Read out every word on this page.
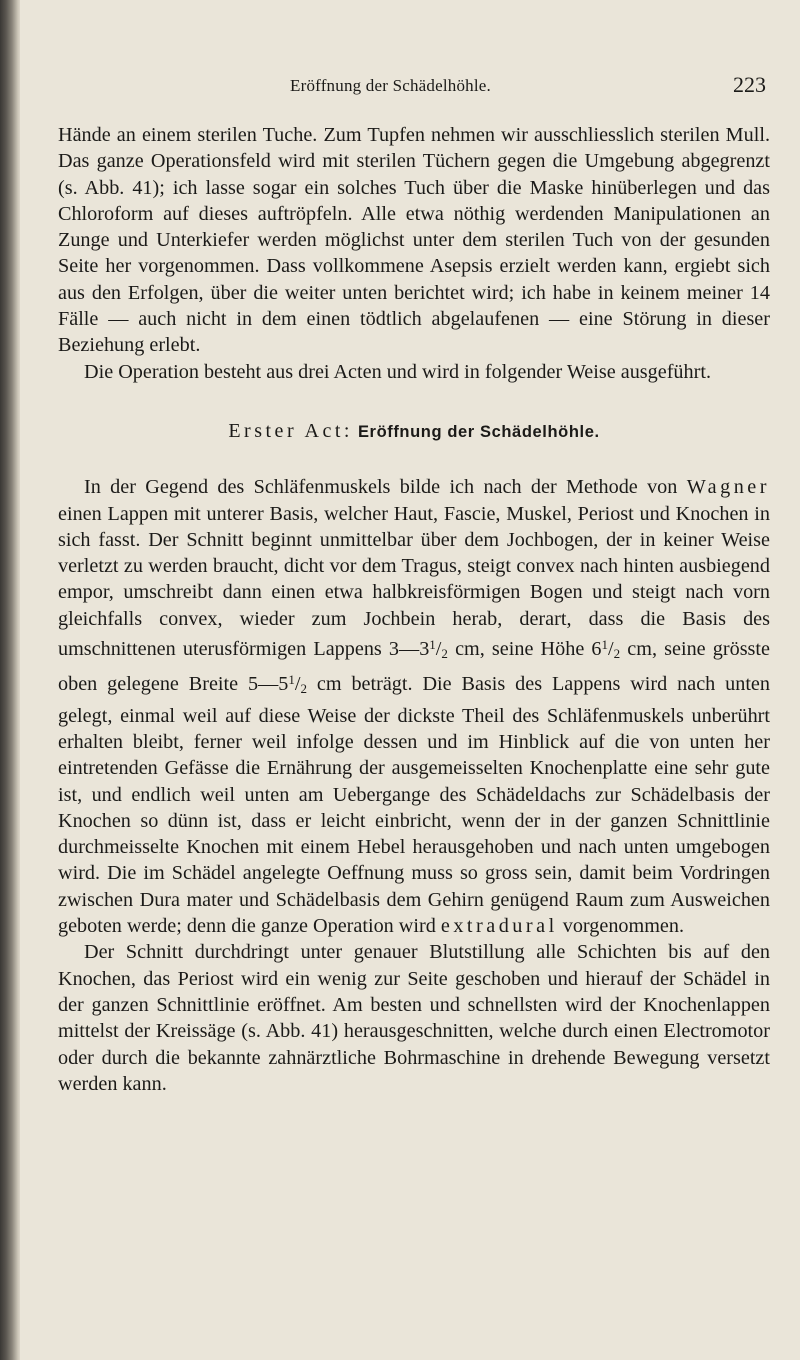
Eröffnung der Schädelhöhle.	223

Hände an einem sterilen Tuche. Zum Tupfen nehmen wir ausschliesslich sterilen Mull. Das ganze Operationsfeld wird mit sterilen Tüchern gegen die Umgebung abgegrenzt (s. Abb. 41); ich lasse sogar ein solches Tuch über die Maske hinüberlegen und das Chloroform auf dieses auftröpfeln. Alle etwa nöthig werdenden Manipulationen an Zunge und Unterkiefer werden möglichst unter dem sterilen Tuch von der gesunden Seite her vorgenommen. Dass vollkommene Asepsis erzielt werden kann, ergiebt sich aus den Erfolgen, über die weiter unten berichtet wird; ich habe in keinem meiner 14 Fälle — auch nicht in dem einen tödtlich abgelaufenen — eine Störung in dieser Beziehung erlebt.

Die Operation besteht aus drei Acten und wird in folgender Weise ausgeführt.

Erster Act: Eröffnung der Schädelhöhle.

In der Gegend des Schläfenmuskels bilde ich nach der Methode von Wagner einen Lappen mit unterer Basis, welcher Haut, Fascie, Muskel, Periost und Knochen in sich fasst. Der Schnitt beginnt unmittelbar über dem Jochbogen, der in keiner Weise verletzt zu werden braucht, dicht vor dem Tragus, steigt convex nach hinten ausbiegend empor, umschreibt dann einen etwa halbkreisförmigen Bogen und steigt nach vorn gleichfalls convex, wieder zum Jochbein herab, derart, dass die Basis des umschnittenen uterusförmigen Lappens $3—3^1/2$ cm, seine Höhe $6^1/2$ cm, seine grösste oben gelegene Breite $5—5^1/2$ cm beträgt. Die Basis des Lappens wird nach unten gelegt, einmal weil auf diese Weise der dickste Theil des Schläfenmuskels unberührt erhalten bleibt, ferner weil infolge dessen und im Hinblick auf die von unten her eintretenden Gefässe die Ernährung der ausgemeisselten Knochenplatte eine sehr gute ist, und endlich weil unten am Uebergange des Schädeldachs zur Schädelbasis der Knochen so dünn ist, dass er leicht einbricht, wenn der in der ganzen Schnittlinie durchmeisselte Knochen mit einem Hebel herausgehoben und nach unten umgebogen wird. Die im Schädel angelegte Oeffnung muss so gross sein, damit beim Vordringen zwischen Dura mater und Schädelbasis dem Gehirn genügend Raum zum Ausweichen geboten werde; denn die ganze Operation wird extradural vorgenommen.

Der Schnitt durchdringt unter genauer Blutstillung alle Schichten bis auf den Knochen, das Periost wird ein wenig zur Seite geschoben und hierauf der Schädel in der ganzen Schnittlinie eröffnet. Am besten und schnellsten wird der Knochenlappen mittelst der Kreissäge (s. Abb. 41) herausgeschnitten, welche durch einen Electromotor oder durch die bekannte zahnärztliche Bohrmaschine in drehende Bewegung versetzt werden kann.
